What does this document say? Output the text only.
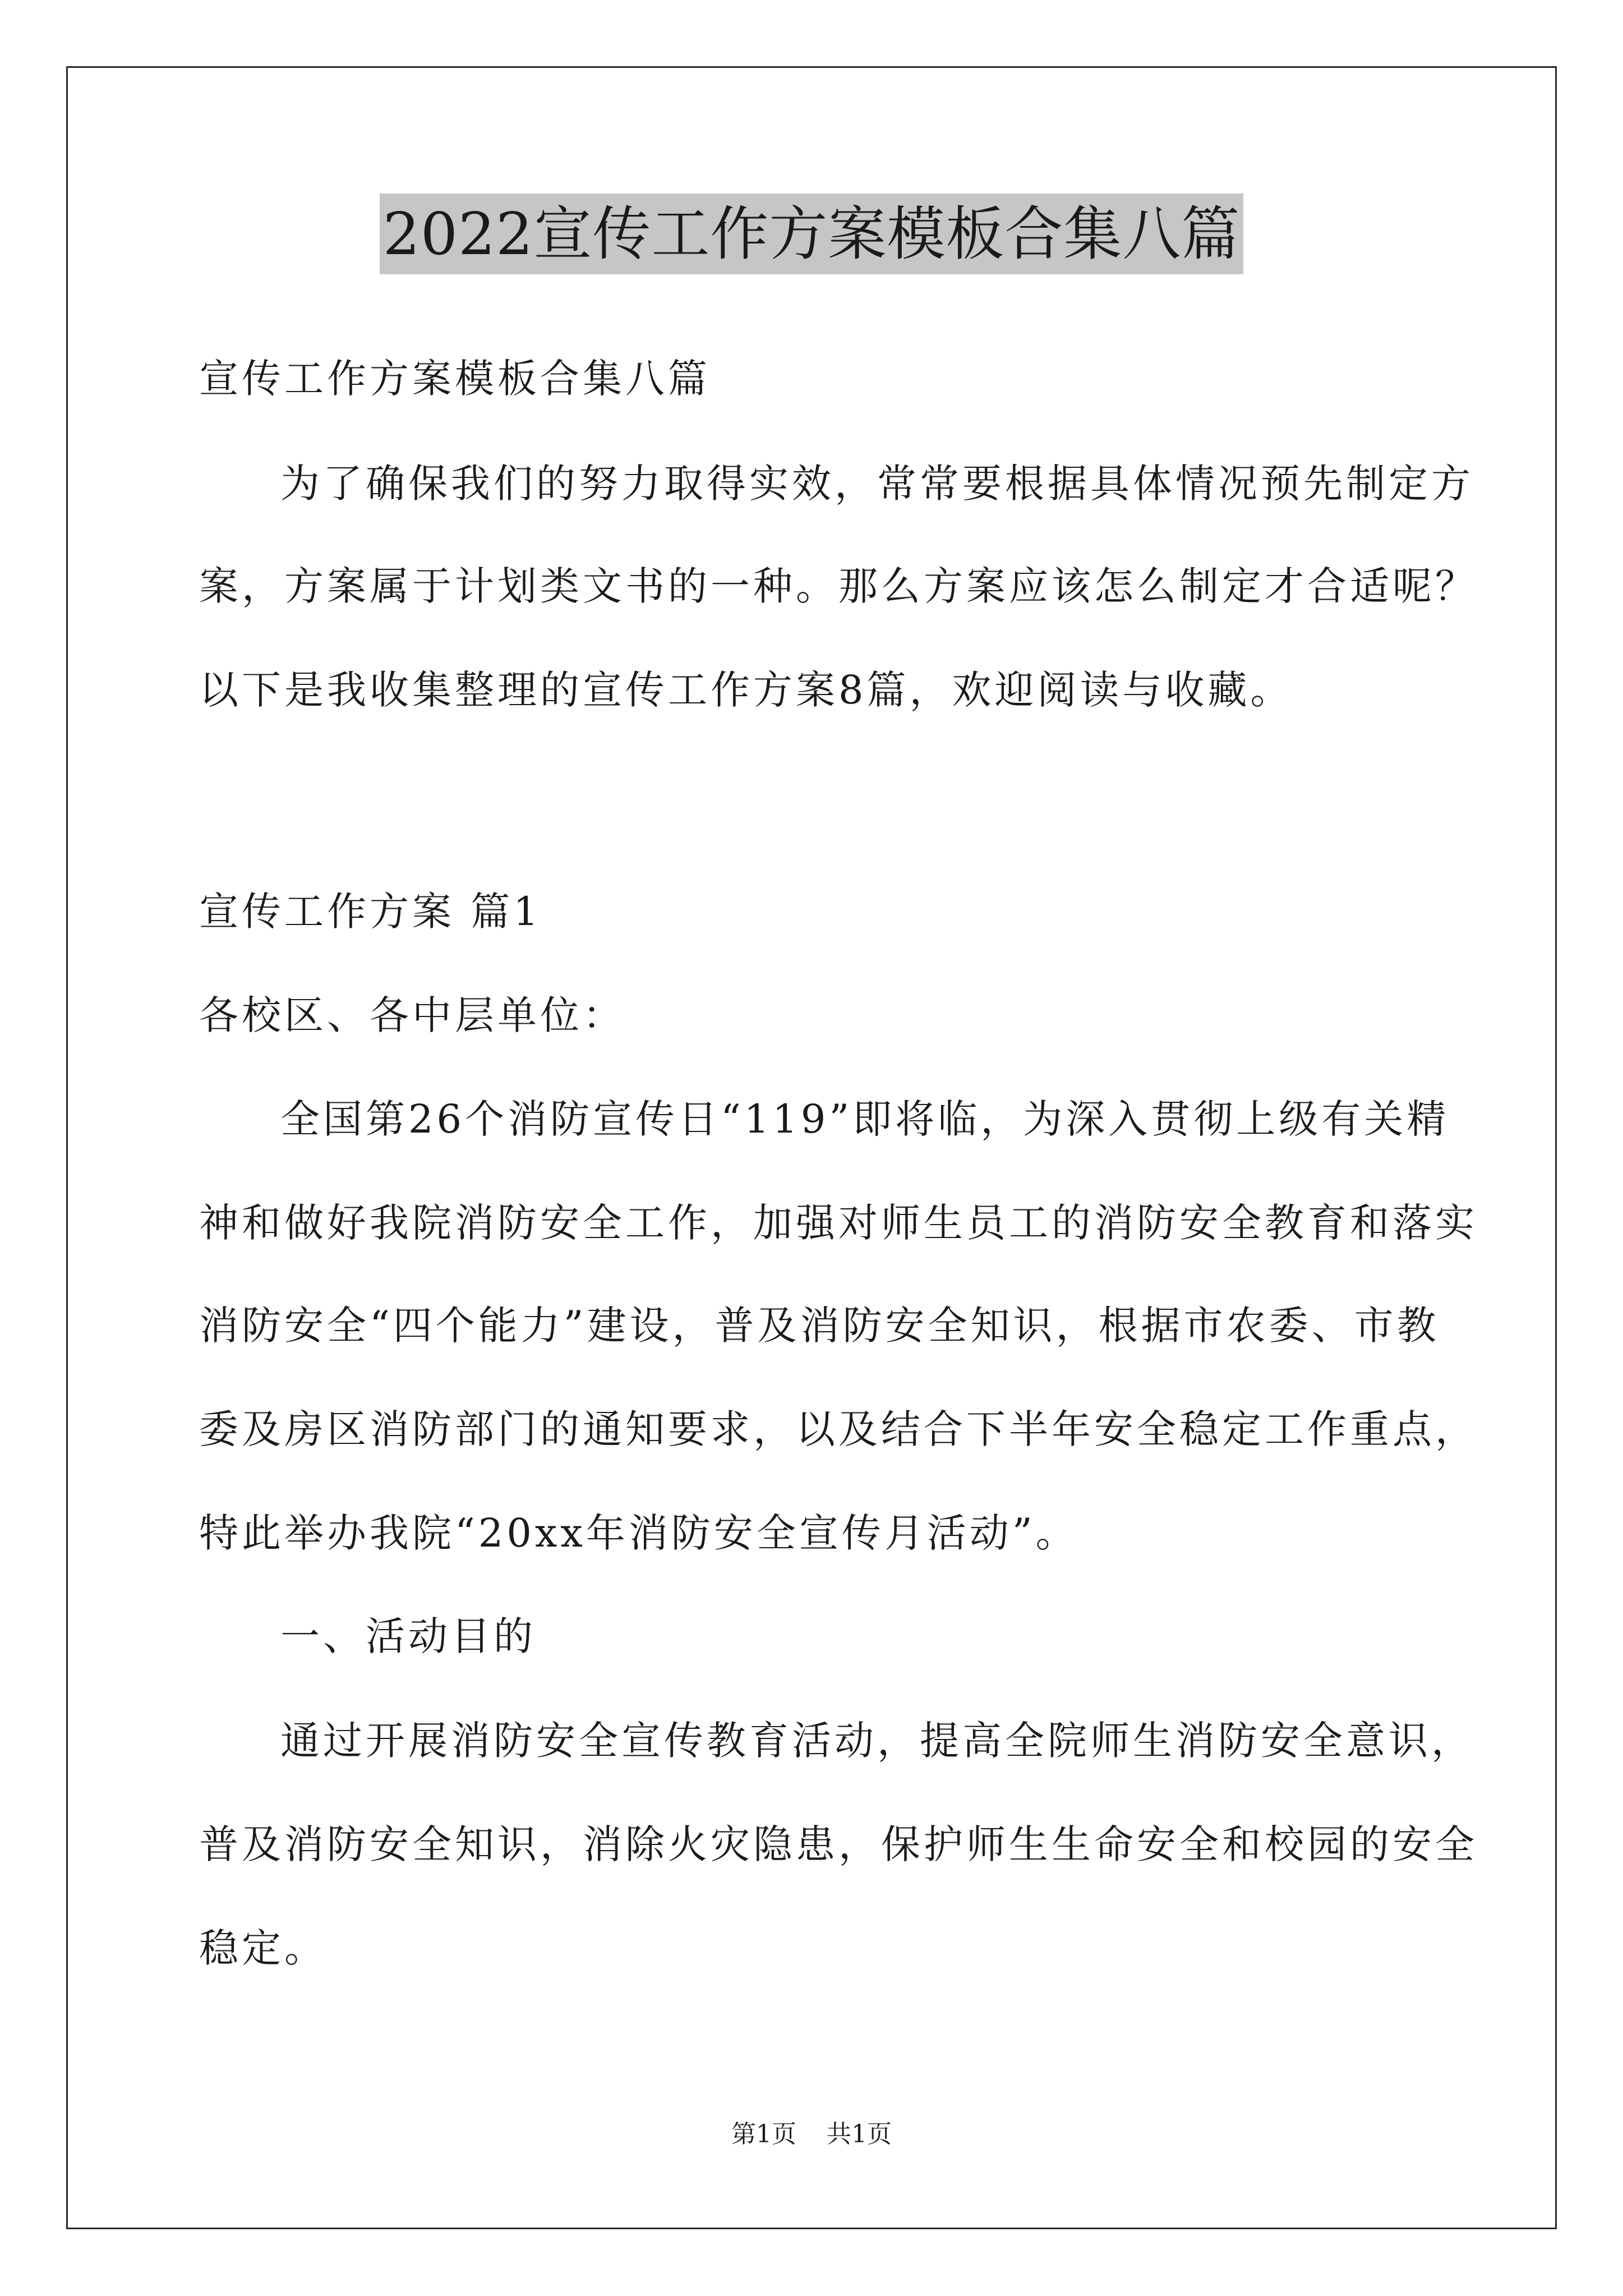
2022宣传工作方案模板合集八篇
宣传工作方案模板合集八篇
为了确保我们的努力取得实效，常常要根据具体情况预先制定方
案，方案属于计划类文书的一种。那么方案应该怎么制定才合适呢？
以下是我收集整理的宣传工作方案8篇，欢迎阅读与收藏。
宣传工作方案 篇1
各校区、各中层单位：
全国第26个消防宣传日“119”即将临，为深入贯彻上级有关精
神和做好我院消防安全工作，加强对师生员工的消防安全教育和落实
消防安全“四个能力”建设，普及消防安全知识，根据市农委、市教
委及房区消防部门的通知要求，以及结合下半年安全稳定工作重点，
特此举办我院“20xx年消防安全宣传月活动”。
一、活动目的
通过开展消防安全宣传教育活动，提高全院师生消防安全意识，
普及消防安全知识，消除火灾隐患，保护师生生命安全和校园的安全
稳定。
第1页 共1页
